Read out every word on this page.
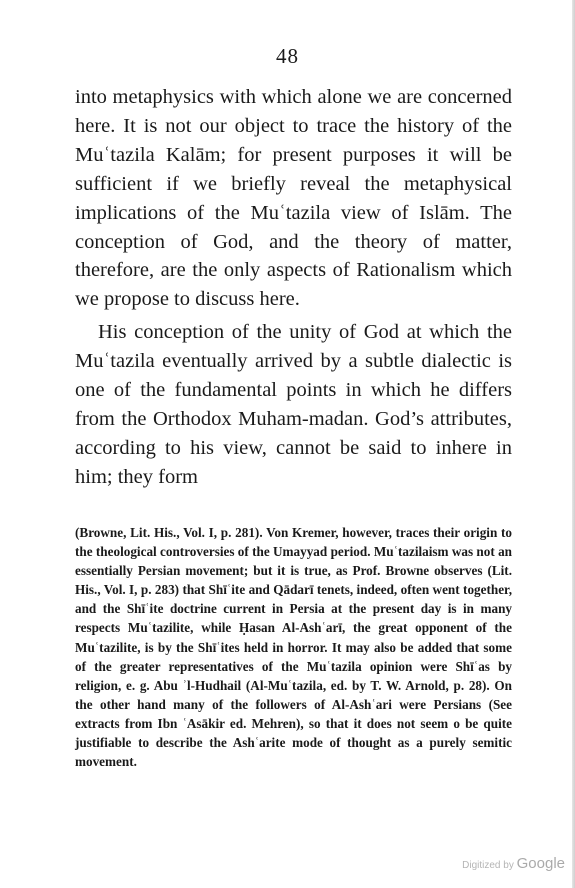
48

into metaphysics with which alone we are concerned here. It is not our object to trace the history of the Muʿtazila Kalām; for present purposes it will be sufficient if we briefly reveal the metaphysical implications of the Muʿtazila view of Islām. The conception of God, and the theory of matter, therefore, are the only aspects of Rationalism which we propose to discuss here.

His conception of the unity of God at which the Muʿtazila eventually arrived by a subtle dialectic is one of the fundamental points in which he differs from the Orthodox Muham-madan. God’s attributes, according to his view, cannot be said to inhere in him; they form

(Browne, Lit. His., Vol. I, p. 281). Von Kremer, however, traces their origin to the theological controversies of the Umayyad period. Muʿtazilaism was not an essentially Persian movement; but it is true, as Prof. Browne observes (Lit. His., Vol. I, p. 283) that Shīʿite and Qādarī tenets, indeed, often went together, and the Shīʿite doctrine current in Persia at the present day is in many respects Muʿtazilite, while Ḥasan Al-Ashʿarī, the great opponent of the Muʿtazilite, is by the Shīʿites held in horror. It may also be added that some of the greater representatives of the Muʿtazila opinion were Shīʿas by religion, e. g. Abu ʾl-Hudhail (Al-Muʿtazila, ed. by T. W. Arnold, p. 28). On the other hand many of the followers of Al-Ashʿari were Persians (See extracts from Ibn ʿAsākir ed. Mehren), so that it does not seem o be quite justifiable to describe the Ashʿarite mode of thought as a purely semitic movement.
Digitized by Google
